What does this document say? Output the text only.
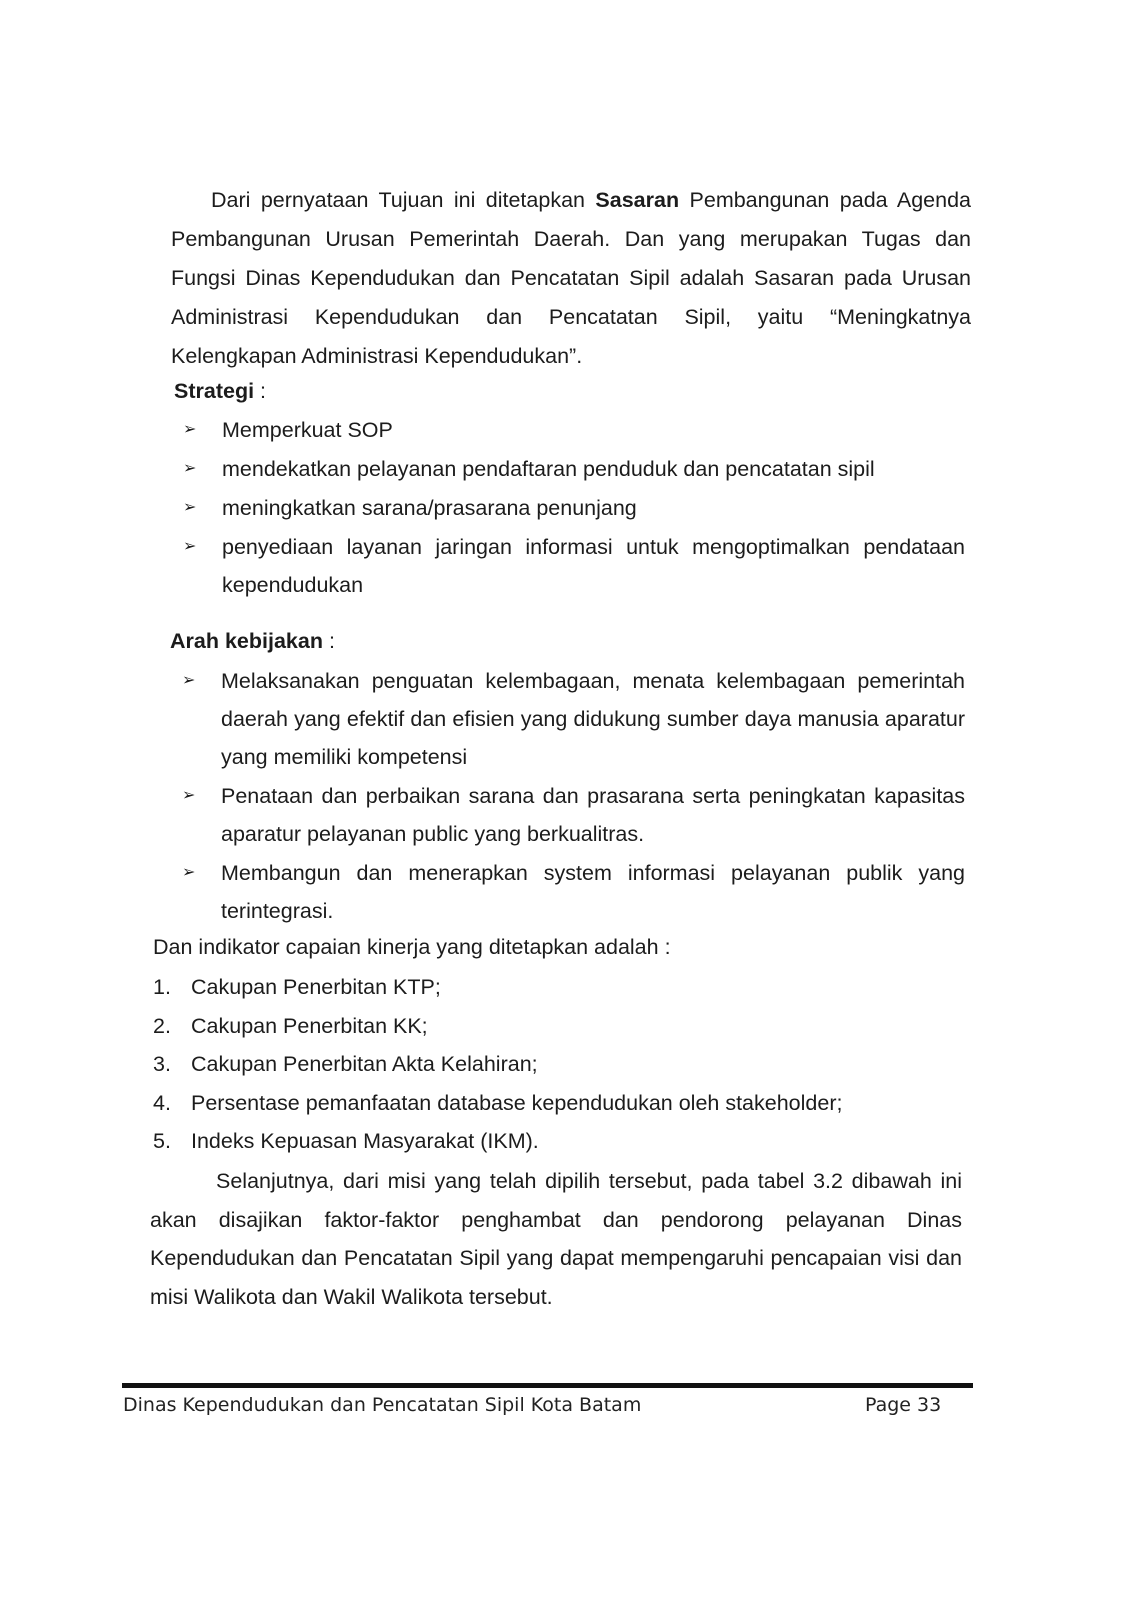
Dari pernyataan Tujuan ini ditetapkan Sasaran Pembangunan pada Agenda Pembangunan Urusan Pemerintah Daerah. Dan yang merupakan Tugas dan Fungsi Dinas Kependudukan dan Pencatatan Sipil adalah Sasaran pada Urusan Administrasi Kependudukan dan Pencatatan Sipil, yaitu “Meningkatnya Kelengkapan Administrasi Kependudukan”.

Strategi :

➢	Memperkuat SOP
➢	mendekatkan pelayanan pendaftaran penduduk dan pencatatan sipil
➢	meningkatkan sarana/prasarana penunjang
➢	penyediaan layanan jaringan informasi untuk mengoptimalkan pendataan kependudukan

Arah kebijakan :

➢	Melaksanakan penguatan kelembagaan, menata kelembagaan pemerintah daerah yang efektif dan efisien yang didukung sumber daya manusia aparatur yang memiliki kompetensi
➢	Penataan dan perbaikan sarana dan prasarana serta peningkatan kapasitas aparatur pelayanan public yang berkualitras.
➢	Membangun dan menerapkan system informasi pelayanan publik yang terintegrasi.

Dan indikator capaian kinerja yang ditetapkan adalah :

1. Cakupan Penerbitan KTP;
2. Cakupan Penerbitan KK;
3. Cakupan Penerbitan Akta Kelahiran;
4. Persentase pemanfaatan database kependudukan oleh stakeholder;
5. Indeks Kepuasan Masyarakat (IKM).

Selanjutnya, dari misi yang telah dipilih tersebut, pada tabel 3.2 dibawah ini akan disajikan faktor-faktor penghambat dan pendorong pelayanan Dinas Kependudukan dan Pencatatan Sipil yang dapat mempengaruhi pencapaian visi dan misi Walikota dan Wakil Walikota tersebut.

Dinas Kependudukan dan Pencatatan Sipil Kota Batam	Page 33
